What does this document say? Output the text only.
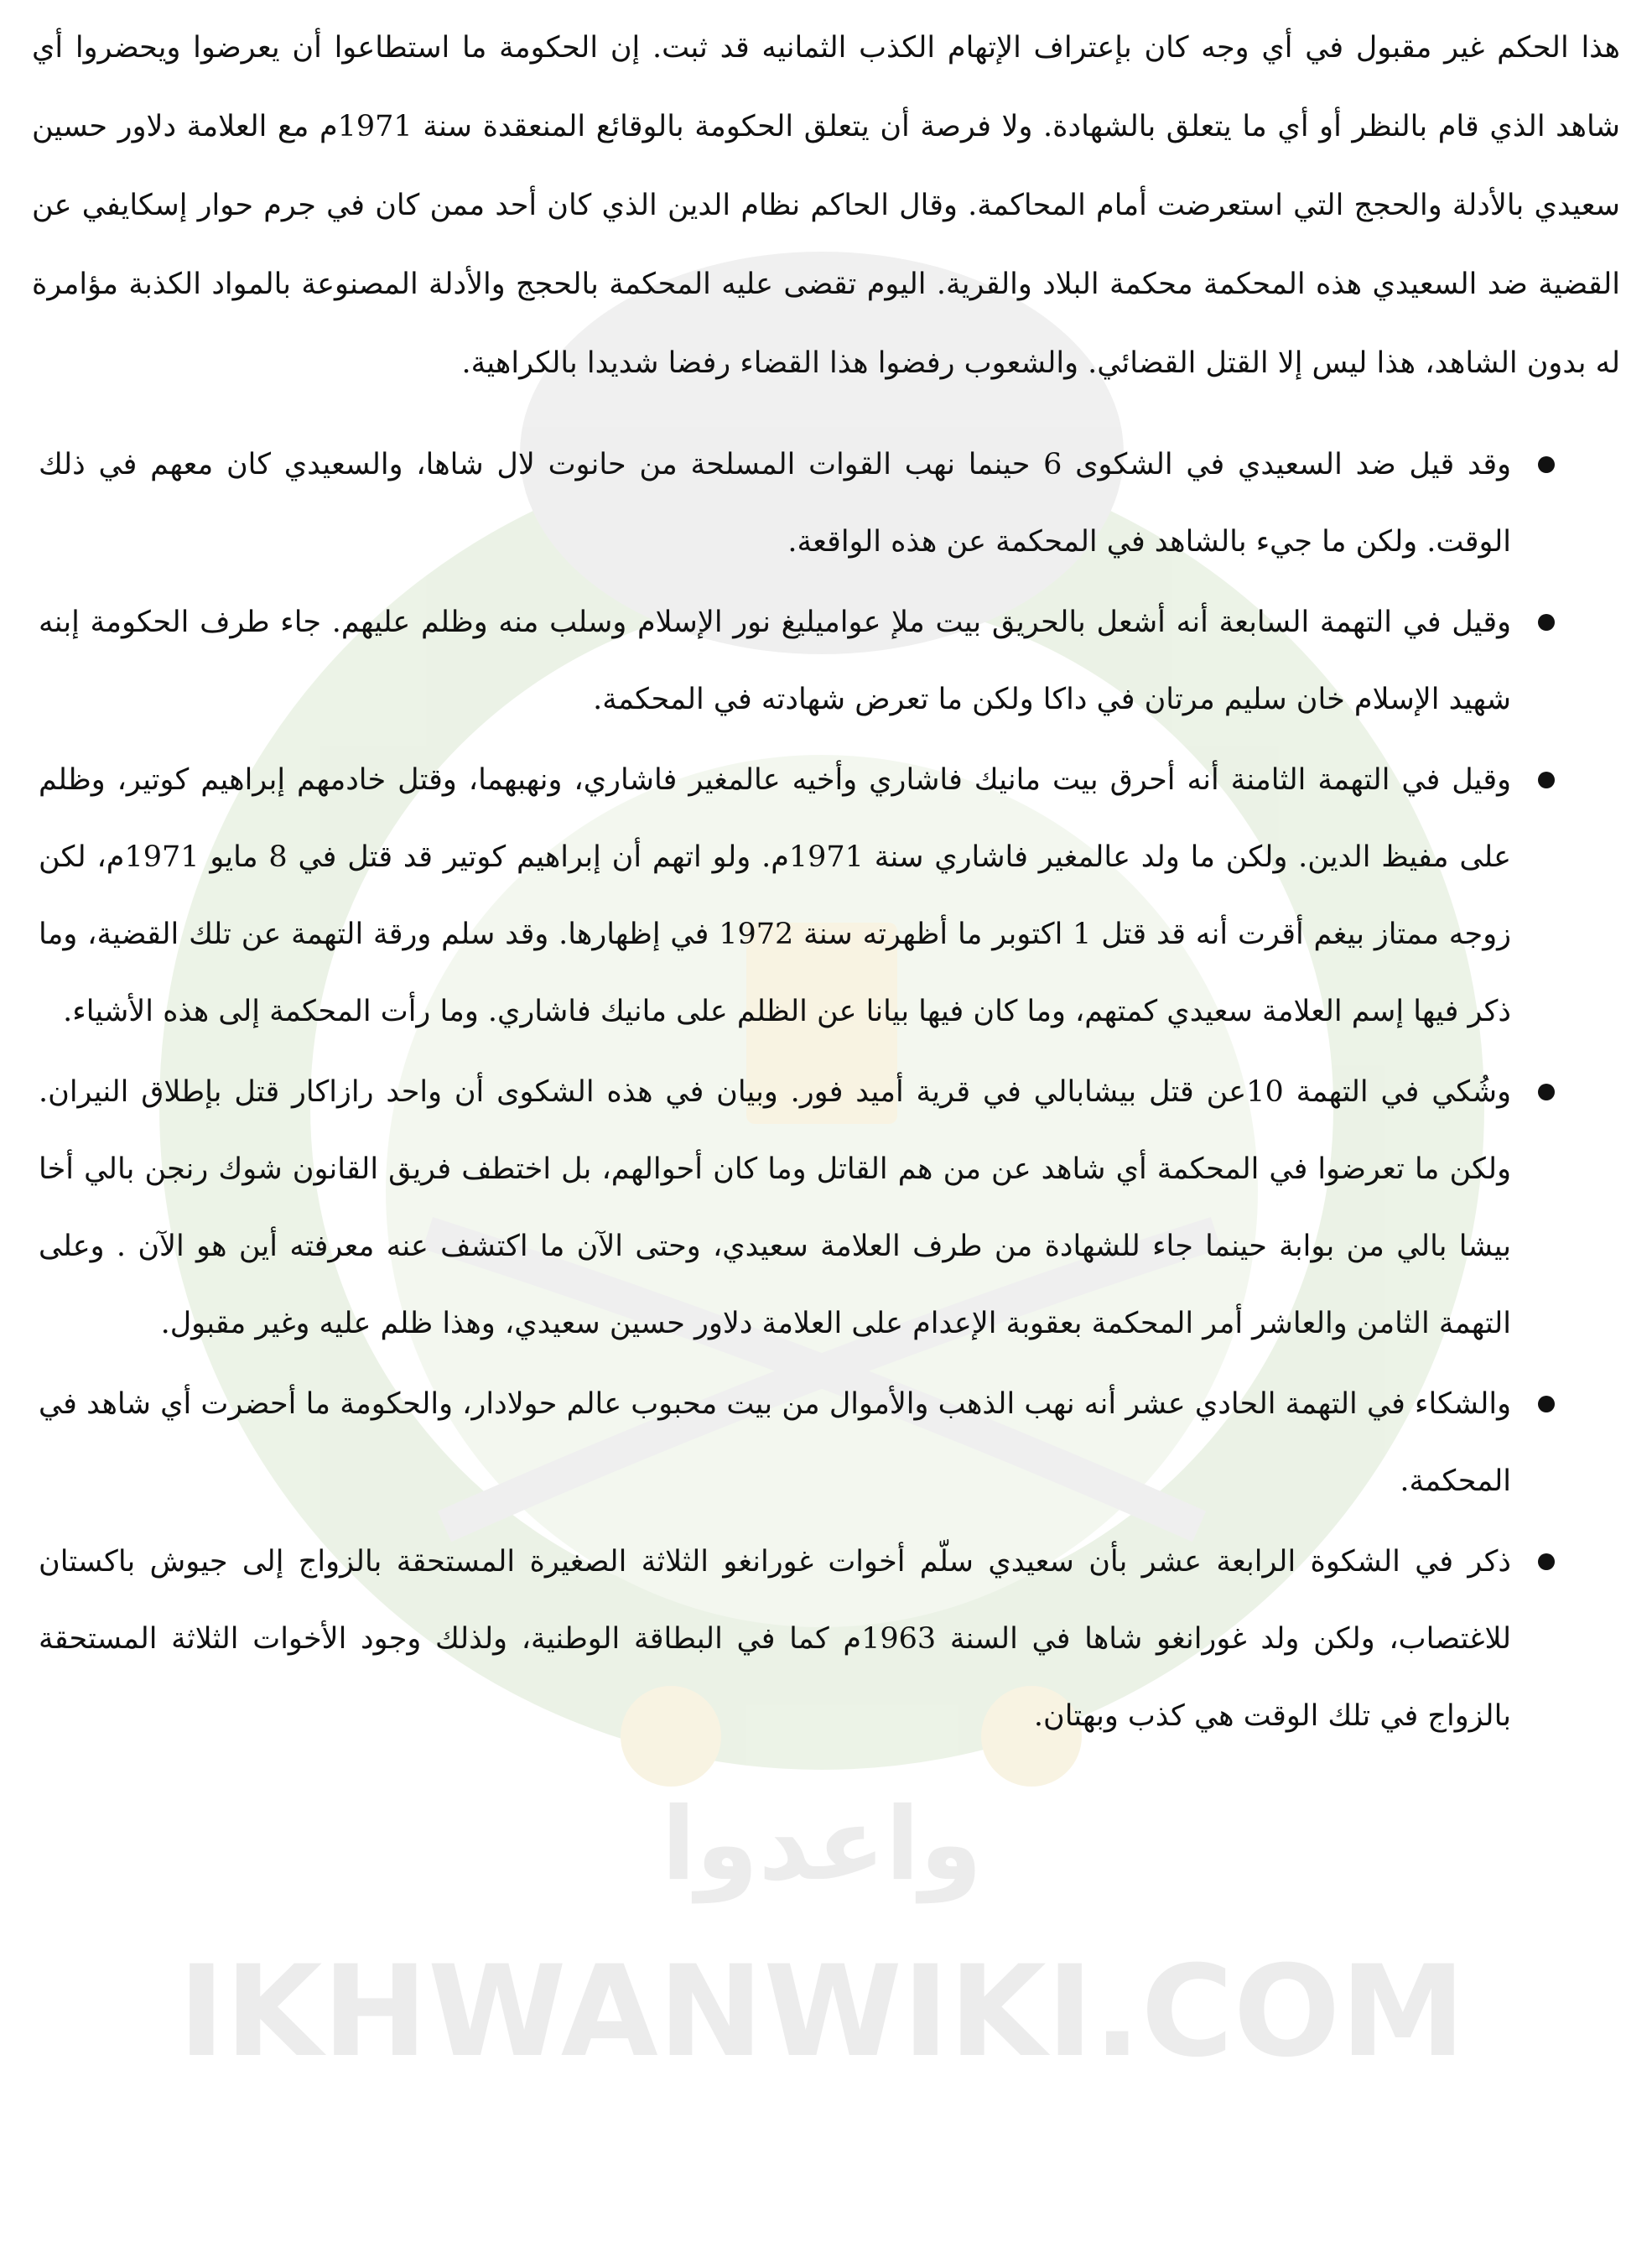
واعدوا
IKHWANWIKI.COM

هذا الحكم غير مقبول في أي وجه كان بإعتراف الإتهام الكذب الثمانيه قد ثبت. إن الحكومة ما استطاعوا أن يعرضوا ويحضروا أي شاهد الذي قام بالنظر أو أي ما يتعلق بالشهادة. ولا فرصة أن يتعلق الحكومة بالوقائع المنعقدة سنة 1971م مع العلامة دلاور حسين سعيدي بالأدلة والحجج التي استعرضت أمام المحاكمة. وقال الحاكم نظام الدين الذي كان أحد ممن كان في جرم حوار إسكايفي عن القضية ضد السعيدي هذه المحكمة محكمة البلاد والقرية. اليوم تقضى عليه المحكمة بالحجج والأدلة المصنوعة بالمواد الكذبة مؤامرة له بدون الشاهد، هذا ليس إلا القتل القضائي. والشعوب رفضوا هذا القضاء رفضا شديدا بالكراهية.

وقد قيل ضد السعيدي في الشكوى 6 حينما نهب القوات المسلحة من حانوت لال شاها، والسعيدي كان معهم في ذلك الوقت. ولكن ما جيء بالشاهد في المحكمة عن هذه الواقعة.
وقيل في التهمة السابعة أنه أشعل بالحريق بيت ملإ عواميليغ نور الإسلام وسلب منه وظلم عليهم. جاء طرف الحكومة إبنه شهيد الإسلام خان سليم مرتان في داكا ولكن ما تعرض شهادته في المحكمة.
وقيل في التهمة الثامنة أنه أحرق بيت مانيك فاشاري وأخيه عالمغير فاشاري، ونهبهما، وقتل خادمهم إبراهيم كوتير، وظلم على مفيظ الدين. ولكن ما ولد عالمغير فاشاري سنة 1971م. ولو اتهم أن إبراهيم كوتير قد قتل في 8 مايو 1971م، لكن زوجه ممتاز بيغم أقرت أنه قد قتل 1 اكتوبر ما أظهرته سنة 1972 في إظهارها. وقد سلم ورقة التهمة عن تلك القضية، وما ذكر فيها إسم العلامة سعيدي كمتهم، وما كان فيها بيانا عن الظلم على مانيك فاشاري. وما رأت المحكمة إلى هذه الأشياء.
وشُكي في التهمة 10عن قتل بيشابالي في قرية أميد فور. وبيان في هذه الشكوى أن واحد رازاكار قتل بإطلاق النيران. ولكن ما تعرضوا في المحكمة أي شاهد عن من هم القاتل وما كان أحوالهم، بل اختطف فريق القانون شوك رنجن بالي أخا بيشا بالي من بوابة حينما جاء للشهادة من طرف العلامة سعيدي، وحتى الآن ما اكتشف عنه معرفته أين هو الآن . وعلى التهمة الثامن والعاشر أمر المحكمة بعقوبة الإعدام على العلامة دلاور حسين سعيدي، وهذا ظلم عليه وغير مقبول.
والشكاء في التهمة الحادي عشر أنه نهب الذهب والأموال من بيت محبوب عالم حولادار، والحكومة ما أحضرت أي شاهد في المحكمة.
ذكر في الشكوة الرابعة عشر بأن سعيدي سلّم أخوات غورانغو الثلاثة الصغيرة المستحقة بالزواج إلى جيوش باكستان للاغتصاب، ولكن ولد غورانغو شاها في السنة 1963م كما في البطاقة الوطنية، ولذلك وجود الأخوات الثلاثة المستحقة بالزواج في تلك الوقت هي كذب وبهتان.
